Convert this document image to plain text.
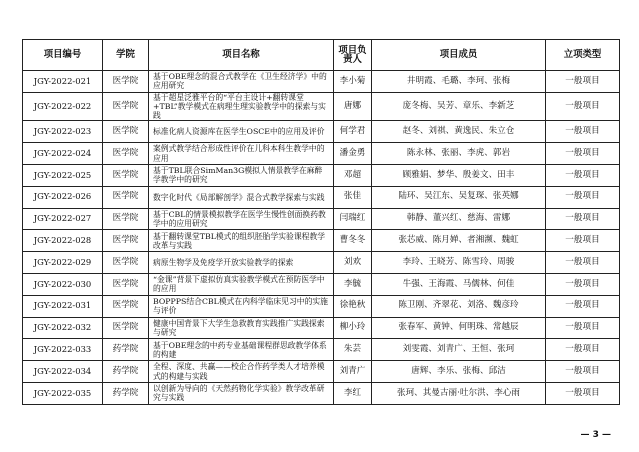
项目编号	学院	项目名称	项目负责人	项目成员	立项类型
JGY-2022-021	医学院	基于OBE理念的混合式教学在《卫生经济学》中的应用研究	李小菊	井明霞、毛璐、李珂、张梅	一般项目
JGY-2022-022	医学院	基于超星泛雅平台的“平台主设计+翻转课堂+TBL”教学模式在病理生理实验教学中的探索与实践	唐娜	庞冬梅、吴芳、章乐、李新芝	一般项目
JGY-2022-023	医学院	标准化病人资源库在医学生OSCE中的应用及评价	何学君	赵冬、刘祺、黄逸民、朱立仓	一般项目
JGY-2022-024	医学院	案例式教学结合形成性评价在儿科本科生教学中的应用	潘金勇	陈永林、张丽、李虎、郭岩	一般项目
JGY-2022-025	医学院	基于TBL联合SimMan3G模拟人情景教学在麻醉学教学中的研究	邓超	顾雅娟、梦华、殷姜文、田丰	一般项目
JGY-2022-026	医学院	数字化时代《局部解剖学》混合式教学探索与实践	张佳	陆环、吴江东、吴复琛、张英娜	一般项目
JGY-2022-027	医学院	基于CBL的情景模拟教学在医学生慢性创面换药教学中的应用研究	闫瑞红	韩静、董兴红、慈海、雷娜	一般项目
JGY-2022-028	医学院	基于翻转课堂TBL模式的组织胚胎学实验课程教学改革与实践	曹冬冬	张芯威、陈月婵、者湘濒、魏虹	一般项目
JGY-2022-029	医学院	病原生物学及免疫学开放实验教学的探索	刘欢	李玲、王晓芳、陈雪玲、周骏	一般项目
JGY-2022-030	医学院	“金课”背景下虚拟仿真实验教学模式在预防医学中的应用	李毓	牛强、王海霞、马儒林、何佳	一般项目
JGY-2022-031	医学院	BOPPPS结合CBL模式在内科学临床见习中的实施与评价	徐艳秋	陈卫刚、齐翠花、刘洛、魏彦玲	一般项目
JGY-2022-032	医学院	健康中国背景下大学生急救教育实践推广实践探索与研究	柳小玲	张春军、黄钟、何明珠、常越辰	一般项目
JGY-2022-033	药学院	基于OBE理念的中药专业基础课程群思政教学体系的构建	朱芸	刘雯霞、刘青广、王恒、张珂	一般项目
JGY-2022-034	药学院	全程、深度、共赢——校企合作药学类人才培养模式的构建与实践	刘青广	唐辉、李乐、张梅、邱洁	一般项目
JGY-2022-035	药学院	以创新为导向的《天然药物化学实验》教学改革研究与实践	李红	张珂、其曼古丽·吐尔洪、李心雨	一般项目
— 3 —
